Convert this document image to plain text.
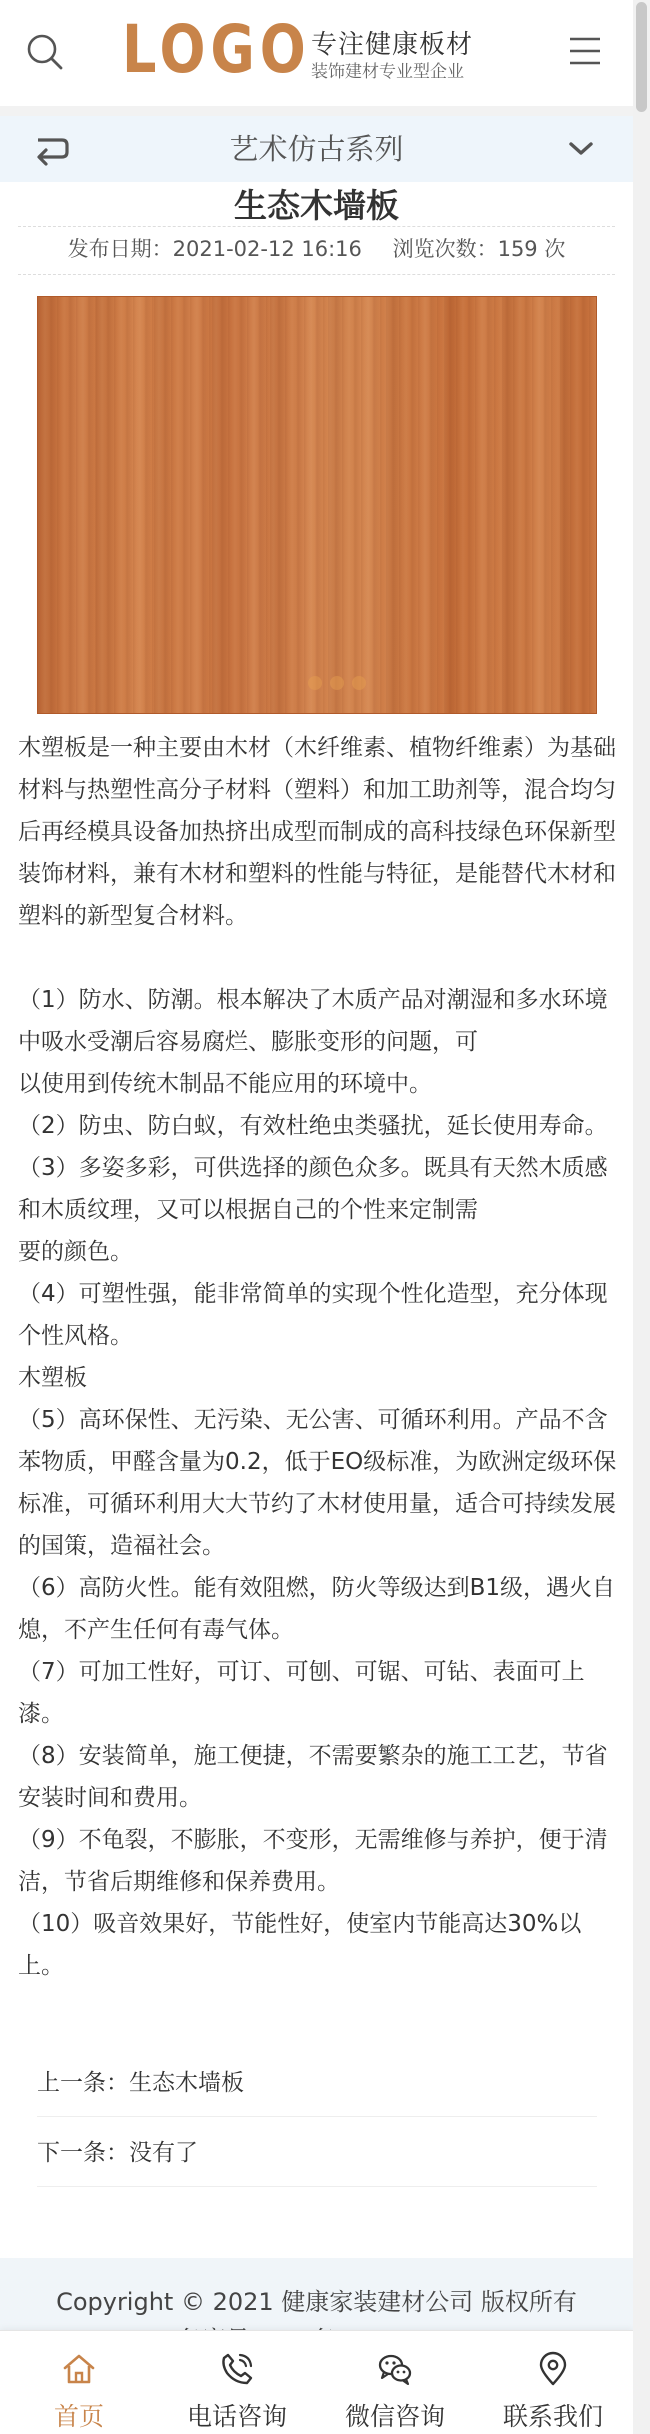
LOGO 专注健康板材
装饰建材专业型企业
艺术仿古系列
生态木墙板
发布日期：2021-02-12 16:16 浏览次数：159 次

木塑板是一种主要由木材（木纤维素、植物纤维素）为基础材料与热塑性高分子材料（塑料）和加工助剂等，混合均匀后再经模具设备加热挤出成型而制成的高科技绿色环保新型装饰材料，兼有木材和塑料的性能与特征，是能替代木材和塑料的新型复合材料。

（1）防水、防潮。根本解决了木质产品对潮湿和多水环境中吸水受潮后容易腐烂、膨胀变形的问题，可

以使用到传统木制品不能应用的环境中。

（2）防虫、防白蚁，有效杜绝虫类骚扰，延长使用寿命。

（3）多姿多彩，可供选择的颜色众多。既具有天然木质感和木质纹理，又可以根据自己的个性来定制需

要的颜色。

（4）可塑性强，能非常简单的实现个性化造型，充分体现个性风格。

木塑板

（5）高环保性、无污染、无公害、可循环利用。产品不含苯物质，甲醛含量为0.2，低于EO级标准，为欧洲定级环保标准，可循环利用大大节约了木材使用量，适合可持续发展的国策，造福社会。

（6）高防火性。能有效阻燃，防火等级达到B1级，遇火自熄，不产生任何有毒气体。

（7）可加工性好，可订、可刨、可锯、可钻、表面可上漆。

（8）安装简单，施工便捷，不需要繁杂的施工工艺，节省安装时间和费用。

（9）不龟裂，不膨胀，不变形，无需维修与养护，便于清洁，节省后期维修和保养费用。

（10）吸音效果好，节能性好，使室内节能高达30%以上。

上一条：生态木墙板
下一条：没有了
Copyright © 2021 健康家装建材公司 版权所有
首页	电话咨询	微信咨询	联系我们
